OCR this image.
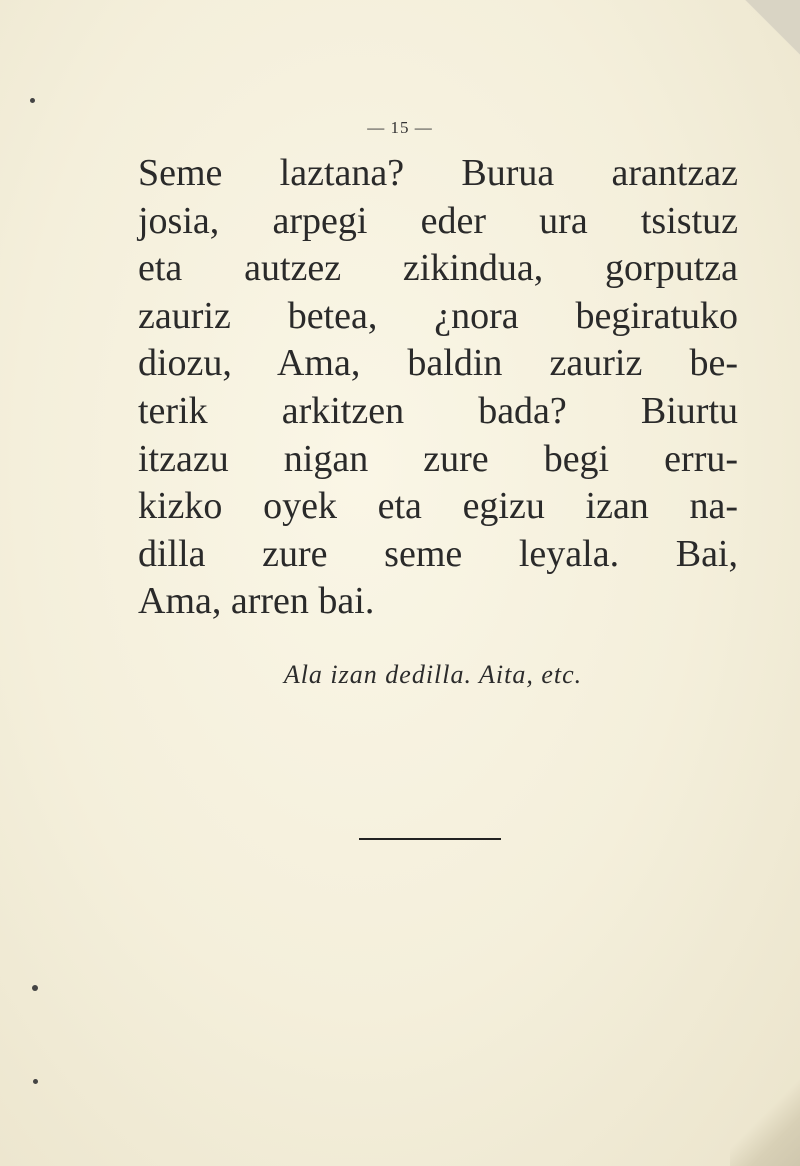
— 15 —
Seme laztana? Burua arantzaz
josia, arpegi eder ura tsistuz
eta autzez zikindua, gorputza
zauriz betea, ¿nora begiratuko
diozu, Ama, baldin zauriz be-
terik arkitzen bada? Biurtu
itzazu nigan zure begi erru-
kizko oyek eta egizu izan na-
dilla zure seme leyala. Bai,
Ama, arren bai.
Ala izan dedilla. Aita, etc.
